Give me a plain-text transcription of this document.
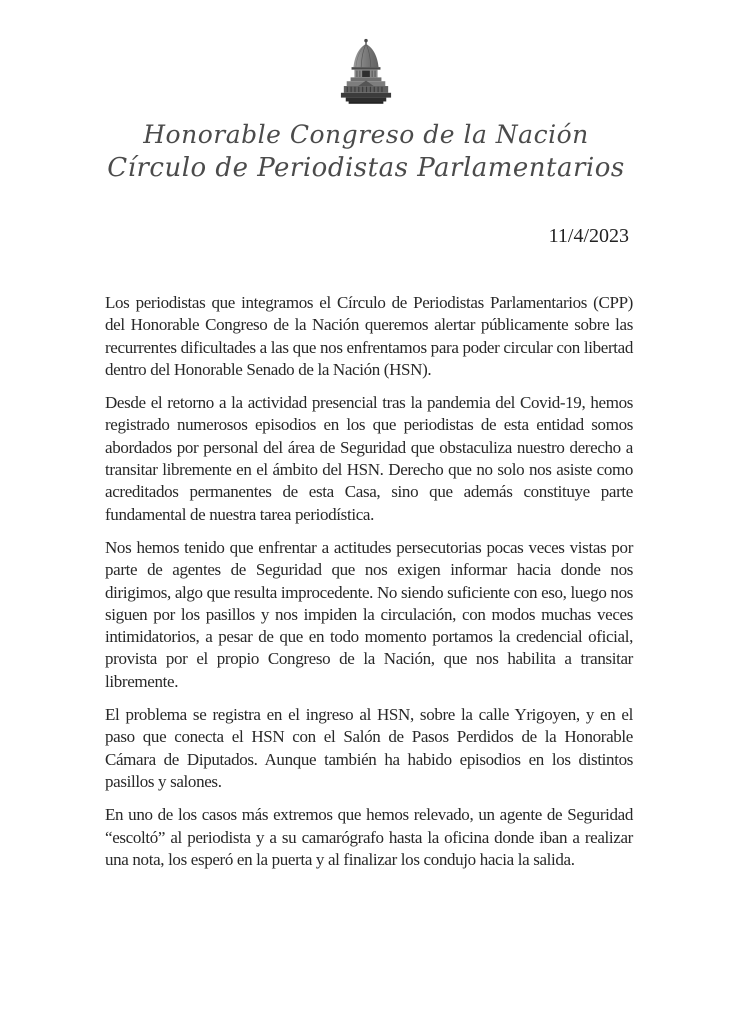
Honorable Congreso de la Nación
Círculo de Periodistas Parlamentarios
11/4/2023

Los periodistas que integramos el Círculo de Periodistas Parlamentarios (CPP) del Honorable Congreso de la Nación queremos alertar públicamente sobre las recurrentes dificultades a las que nos enfrentamos para poder circular con libertad dentro del Honorable Senado de la Nación (HSN).

Desde el retorno a la actividad presencial tras la pandemia del Covid-19, hemos registrado numerosos episodios en los que periodistas de esta entidad somos abordados por personal del área de Seguridad que obstaculiza nuestro derecho a transitar libremente en el ámbito del HSN. Derecho que no solo nos asiste como acreditados permanentes de esta Casa, sino que además constituye parte fundamental de nuestra tarea periodística.

Nos hemos tenido que enfrentar a actitudes persecutorias pocas veces vistas por parte de agentes de Seguridad que nos exigen informar hacia donde nos dirigimos, algo que resulta improcedente. No siendo suficiente con eso, luego nos siguen por los pasillos y nos impiden la circulación, con modos muchas veces intimidatorios, a pesar de que en todo momento portamos la credencial oficial, provista por el propio Congreso de la Nación, que nos habilita a transitar libremente.

El problema se registra en el ingreso al HSN, sobre la calle Yrigoyen, y en el paso que conecta el HSN con el Salón de Pasos Perdidos de la Honorable Cámara de Diputados. Aunque también ha habido episodios en los distintos pasillos y salones.

En uno de los casos más extremos que hemos relevado, un agente de Seguridad “escoltó” al periodista y a su camarógrafo hasta la oficina donde iban a realizar una nota, los esperó en la puerta y al finalizar los condujo hacia la salida.
